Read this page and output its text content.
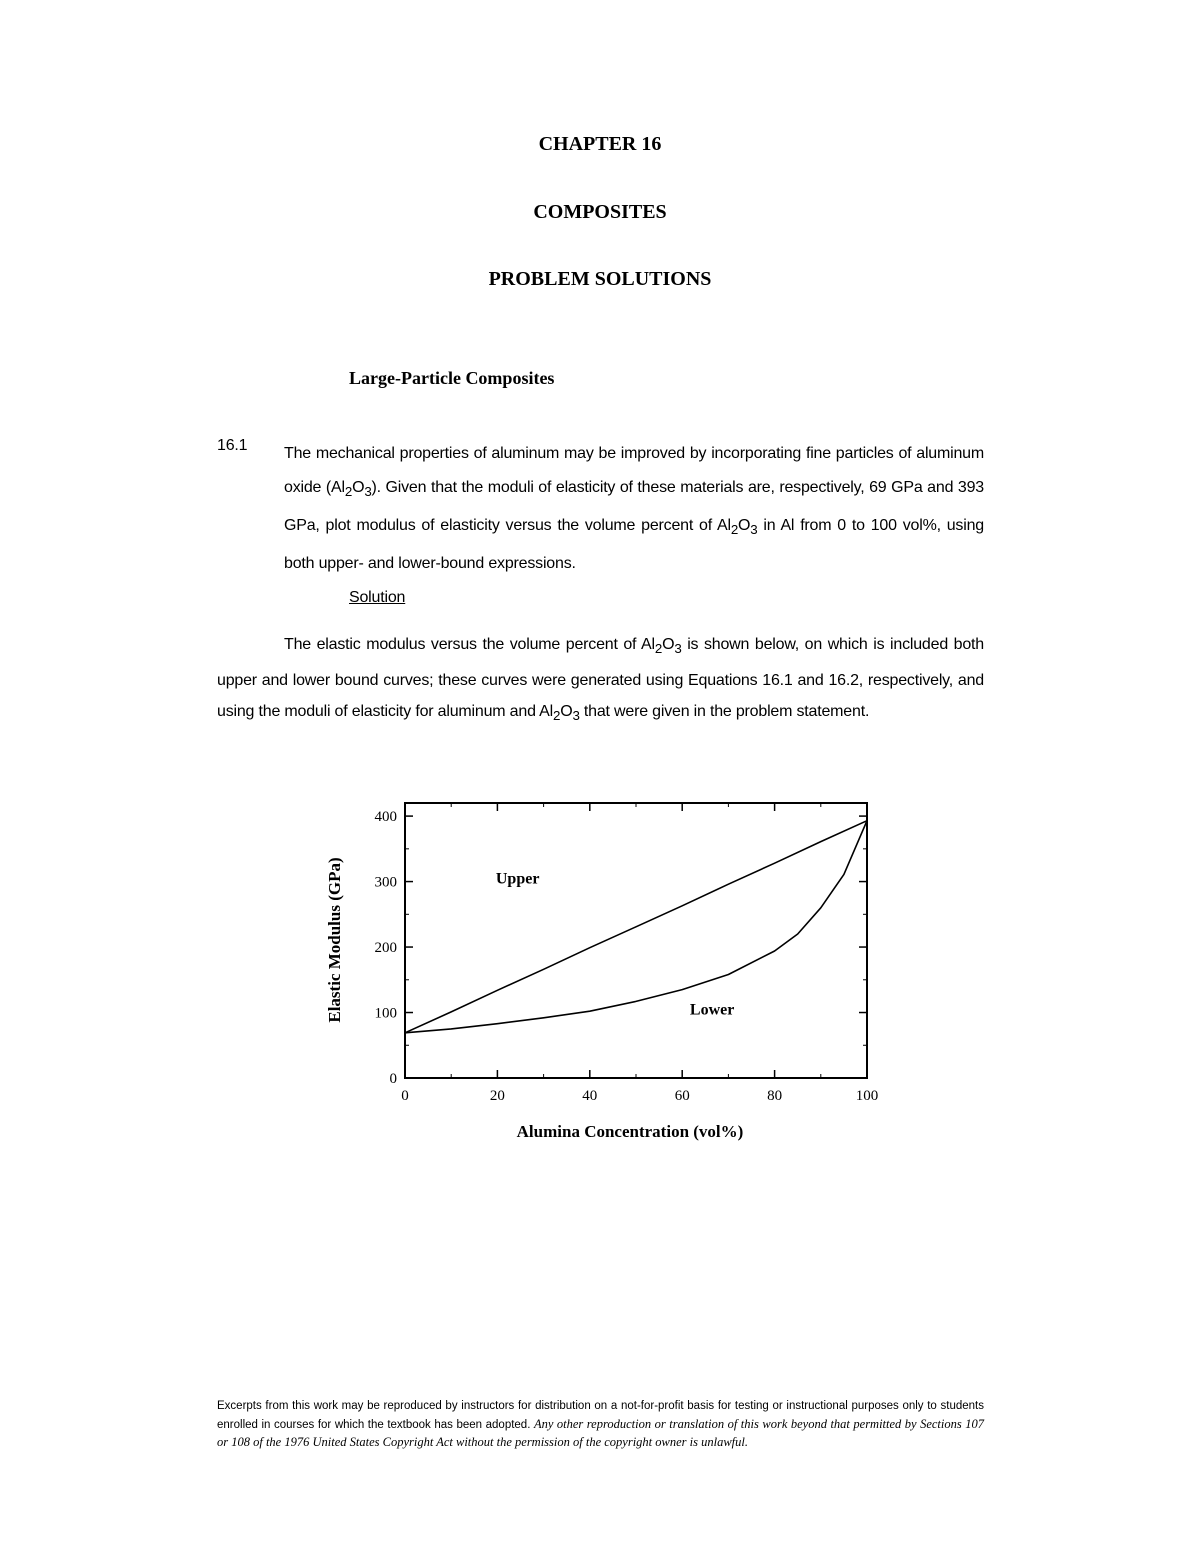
CHAPTER 16
COMPOSITES
PROBLEM SOLUTIONS
Large-Particle Composites
16.1 The mechanical properties of aluminum may be improved by incorporating fine particles of aluminum oxide $(Al_2O_3)$. Given that the moduli of elasticity of these materials are, respectively, 69 GPa and 393 GPa, plot modulus of elasticity versus the volume percent of $Al_2O_3$ in Al from 0 to 100 vol%, using both upper- and lower-bound expressions.
Solution
The elastic modulus versus the volume percent of $Al_2O_3$ is shown below, on which is included both upper and lower bound curves; these curves were generated using Equations 16.1 and 16.2, respectively, and using the moduli of elasticity for aluminum and $Al_2O_3$ that were given in the problem statement.
0	20	40	60	80	100
0
100
200
300
400
Upper
Lower
Alumina Concentration (vol%)
Elastic Modulus (GPa)
Excerpts from this work may be reproduced by instructors for distribution on a not-for-profit basis for testing or instructional purposes only to students enrolled in courses for which the textbook has been adopted. Any other reproduction or translation of this work beyond that permitted by Sections 107 or 108 of the 1976 United States Copyright Act without the permission of the copyright owner is unlawful.
